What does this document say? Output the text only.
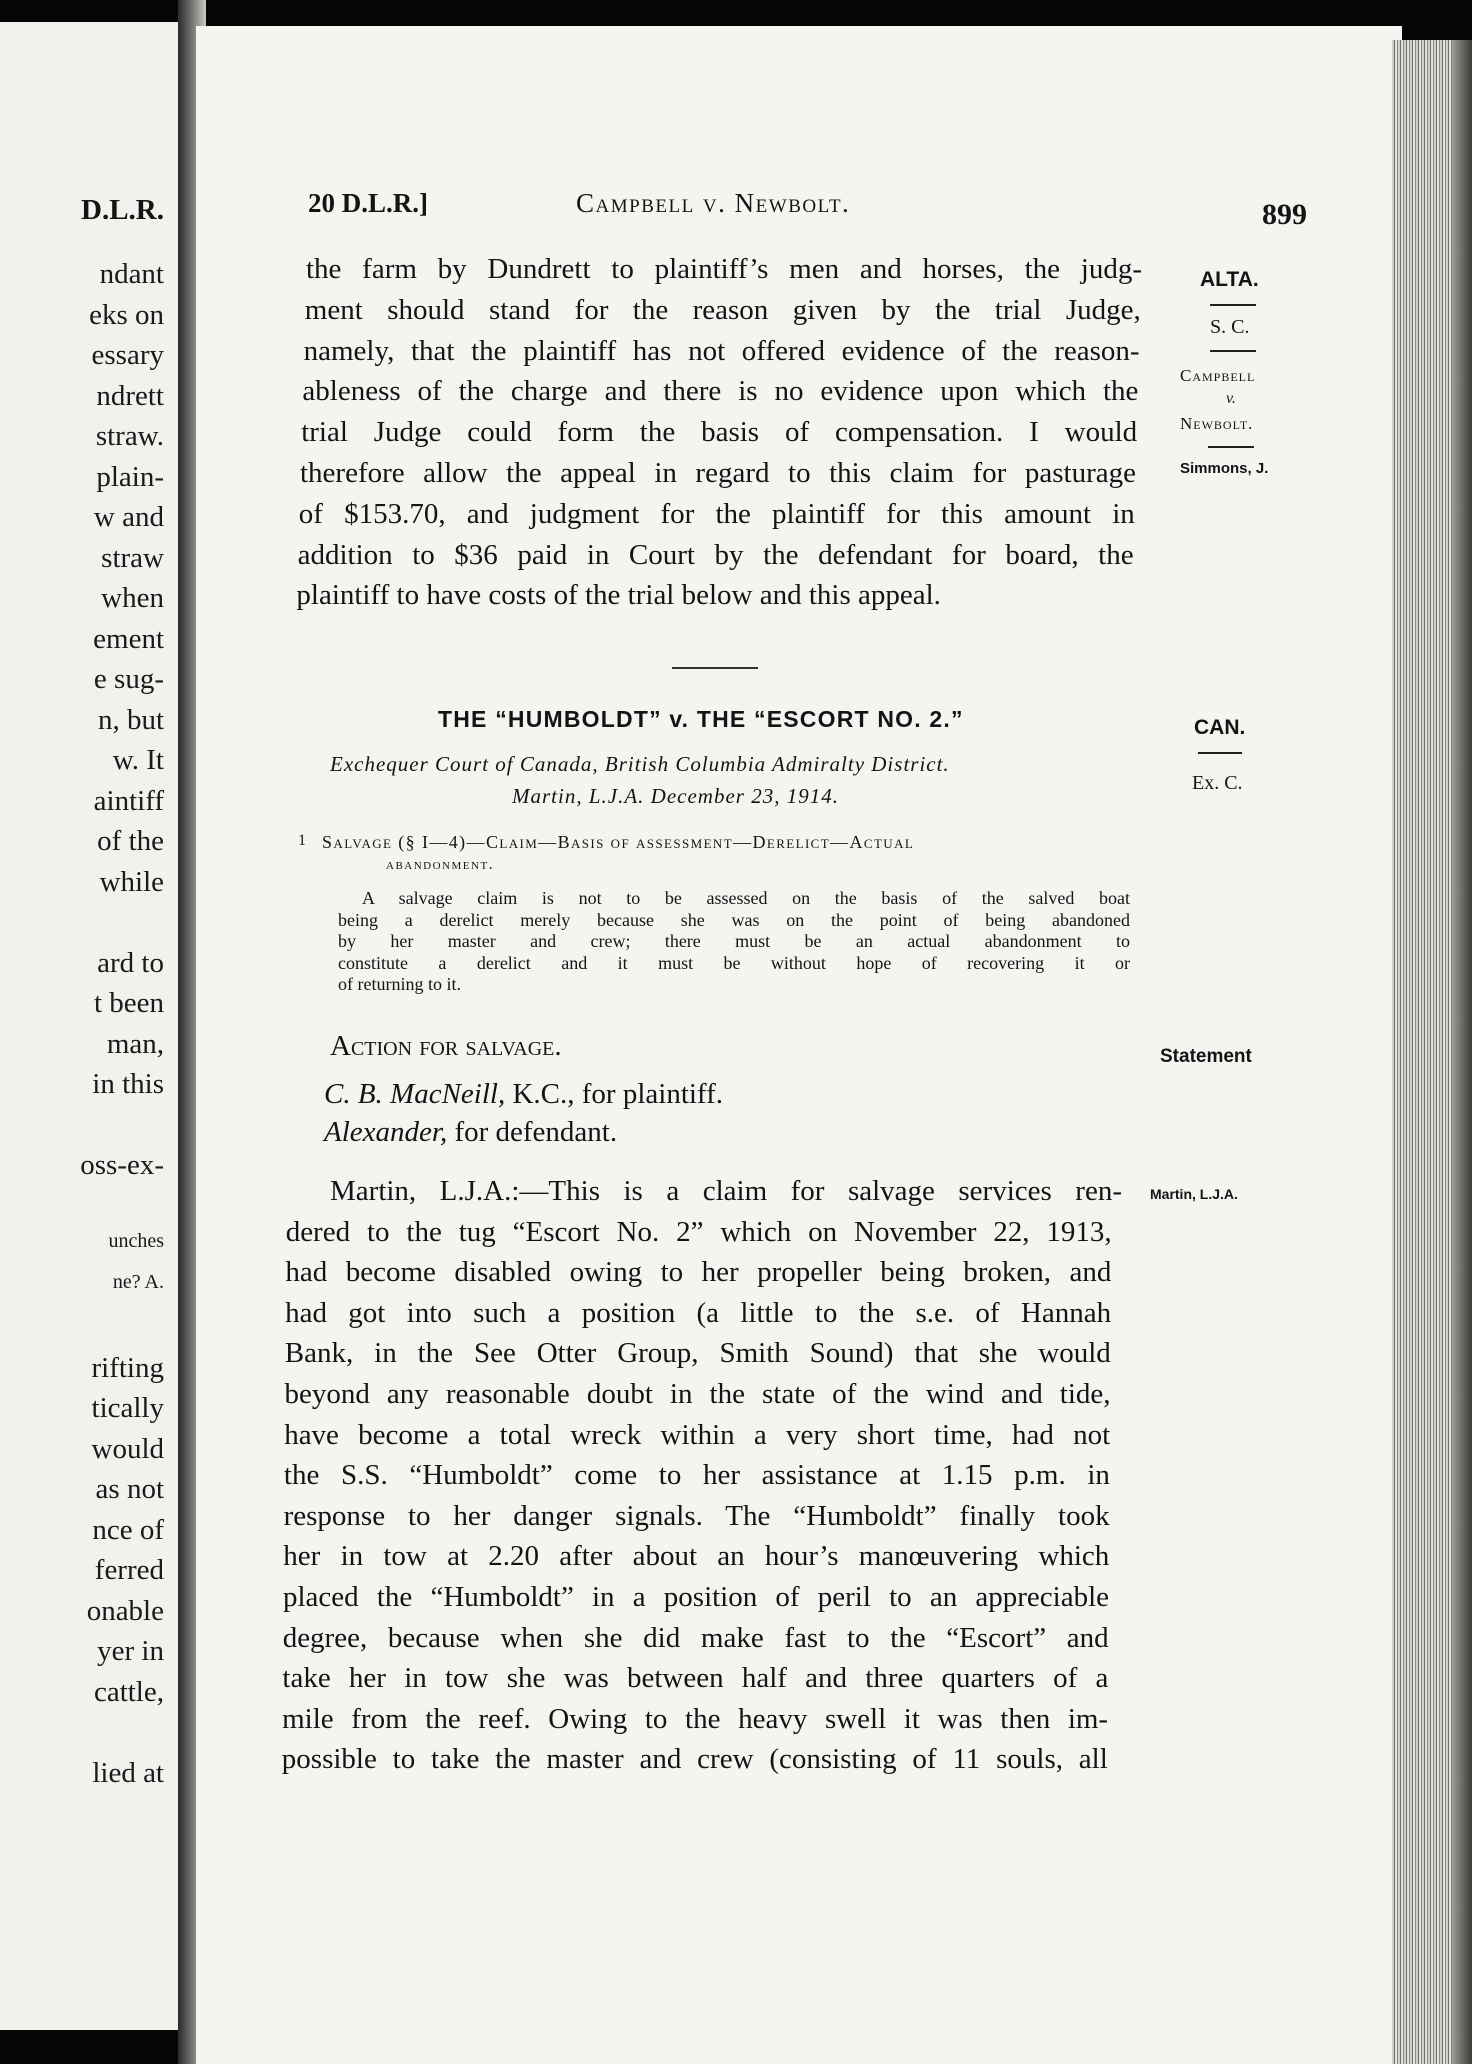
D.L.R.
ndant
eks on
essary
ndrett
straw.
plain-
w and
straw
when
ement
e sug-
n, but
w. It
aintiff
of the
while
ard to
t been
man,
in this
oss-ex-
unches
ne? A.
rifting
tically
would
as not
nce of
ferred
onable
yer in
cattle,
lied at
20 D.L.R.]	Campbell v. Newbolt.	899
ALTA.
S. C.
Campbell
v.
Newbolt.
Simmons, J.
CAN.
Ex. C.
Statement
Martin, L.J.A.
the farm by Dundrett to plaintiff’s men and horses, the judg-
ment should stand for the reason given by the trial Judge,
namely, that the plaintiff has not offered evidence of the reason-
ableness of the charge and there is no evidence upon which the
trial Judge could form the basis of compensation. I would
therefore allow the appeal in regard to this claim for pasturage
of $153.70, and judgment for the plaintiff for this amount in
addition to $36 paid in Court by the defendant for board, the
plaintiff to have costs of the trial below and this appeal.
THE “HUMBOLDT” v. THE “ESCORT NO. 2.”
Exchequer Court of Canada, British Columbia Admiralty District.
Martin, L.J.A. December 23, 1914.
1 Salvage (§ I—4)—Claim—Basis of assessment—Derelict—Actual
abandonment.
A salvage claim is not to be assessed on the basis of the salved boat
being a derelict merely because she was on the point of being abandoned
by her master and crew; there must be an actual abandonment to
constitute a derelict and it must be without hope of recovering it or
of returning to it.
Action for salvage.
C. B. MacNeill, K.C., for plaintiff.
Alexander, for defendant.
Martin, L.J.A.:—This is a claim for salvage services ren-
dered to the tug “Escort No. 2” which on November 22, 1913,
had become disabled owing to her propeller being broken, and
had got into such a position (a little to the s.e. of Hannah
Bank, in the See Otter Group, Smith Sound) that she would
beyond any reasonable doubt in the state of the wind and tide,
have become a total wreck within a very short time, had not
the S.S. “Humboldt” come to her assistance at 1.15 p.m. in
response to her danger signals. The “Humboldt” finally took
her in tow at 2.20 after about an hour’s manœuvering which
placed the “Humboldt” in a position of peril to an appreciable
degree, because when she did make fast to the “Escort” and
take her in tow she was between half and three quarters of a
mile from the reef. Owing to the heavy swell it was then im-
possible to take the master and crew (consisting of 11 souls, all
